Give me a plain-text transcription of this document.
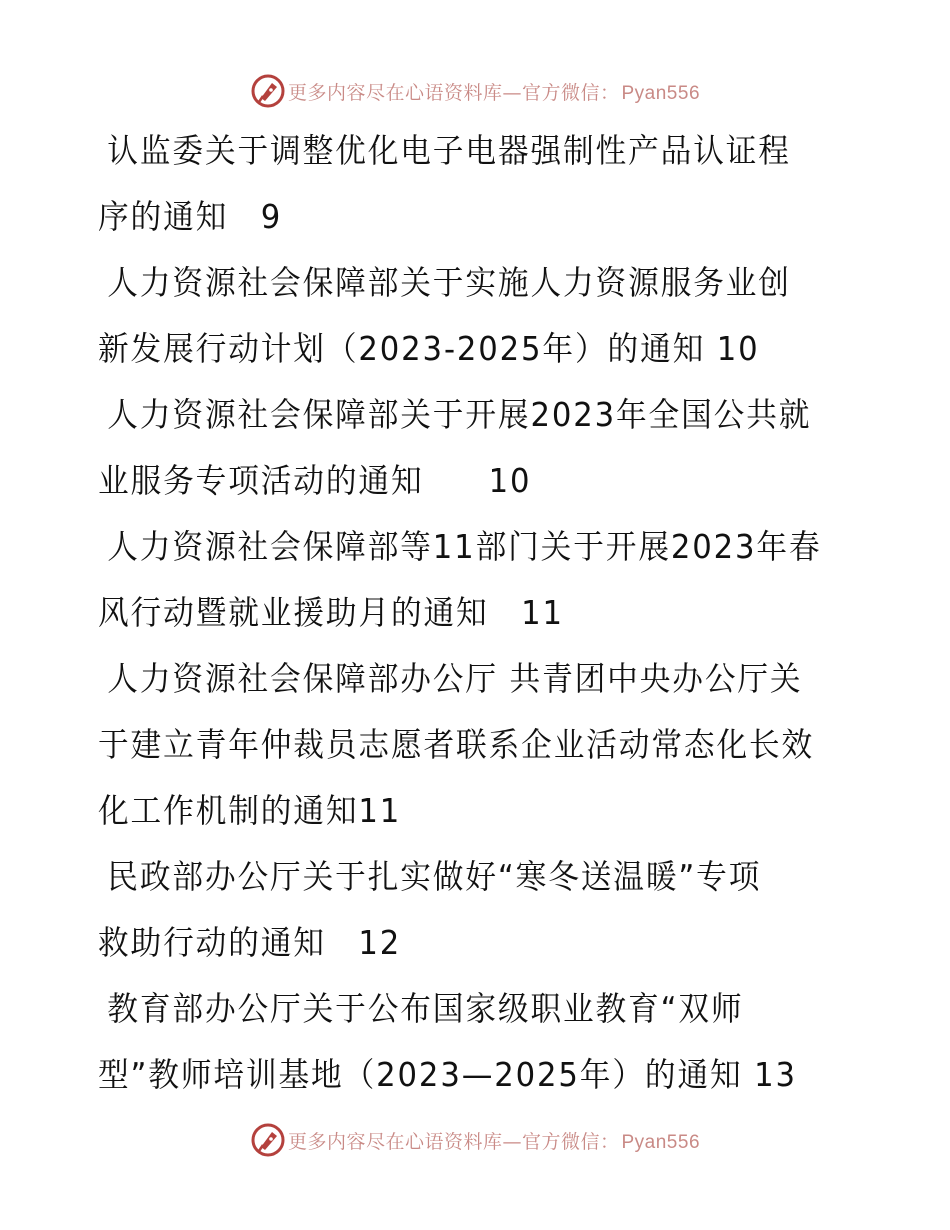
更多内容尽在心语资料库—官方微信： Pyan556
认监委关于调整优化电子电器强制性产品认证程
序的通知　9
人力资源社会保障部关于实施人力资源服务业创
新发展行动计划（2023-2025年）的通知 10
人力资源社会保障部关于开展2023年全国公共就
业服务专项活动的通知　　10
人力资源社会保障部等11部门关于开展2023年春
风行动暨就业援助月的通知　11
人力资源社会保障部办公厅 共青团中央办公厅关
于建立青年仲裁员志愿者联系企业活动常态化长效
化工作机制的通知11
民政部办公厅关于扎实做好“寒冬送温暖”专项
救助行动的通知　12
教育部办公厅关于公布国家级职业教育“双师
型”教师培训基地（2023—2025年）的通知 13
更多内容尽在心语资料库—官方微信： Pyan556
